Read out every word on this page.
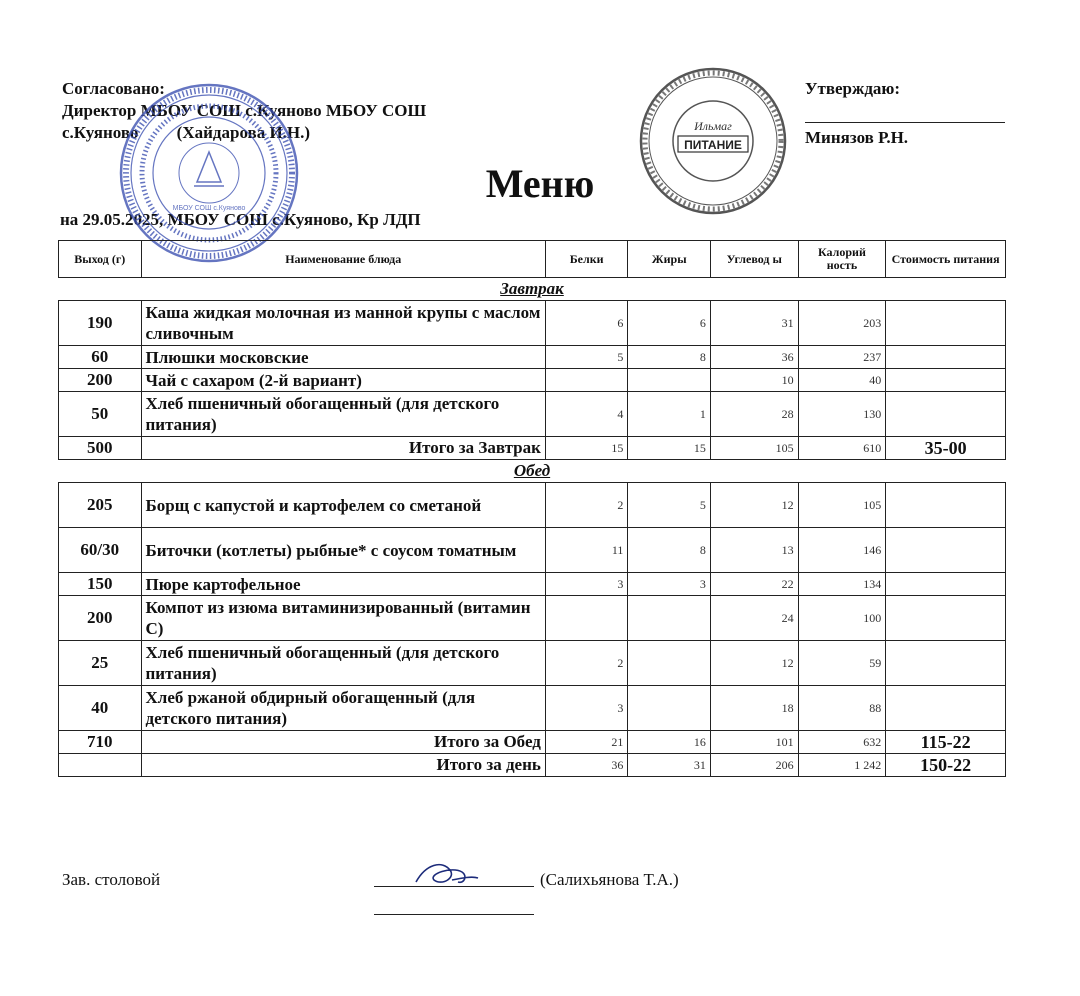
Согласовано:
Директор МБОУ СОШ с.Куяново МБОУ СОШ
с.Куяново         (Хайдарова И.Н.)
Утверждаю:
Минязов Р.Н.
Меню
на 29.05.2025, МБОУ СОШ с.Куяново, Кр ЛДП
ПИТАНИЕ
Ильмаг
МБОУ СОШ с.Куяново
Выход (г)	Наименование блюда	Белки	Жиры	Углевод ы	Калорий ность	Стоимость питания
Завтрак						
190	Каша жидкая молочная из манной крупы с маслом сливочным	6	6	31	203	
60	Плюшки московские	5	8	36	237	
200	Чай с сахаром (2-й вариант)			10	40	
50	Хлеб пшеничный обогащенный (для детского питания)	4	1	28	130	
500	Итого за Завтрак	15	15	105	610	35-00
Обед						
205	Борщ с капустой и картофелем со сметаной	2	5	12	105	
60/30	Биточки (котлеты) рыбные* с соусом томатным	11	8	13	146	
150	Пюре картофельное	3	3	22	134	
200	Компот из изюма витаминизированный (витамин С)			24	100	
25	Хлеб пшеничный обогащенный (для детского питания)	2		12	59	
40	Хлеб ржаной обдирный обогащенный (для детского питания)	3		18	88	
710	Итого за Обед	21	16	101	632	115-22
	Итого за день	36	31	206	1 242	150-22
Зав. столовой	(Салихьянова Т.А.)
